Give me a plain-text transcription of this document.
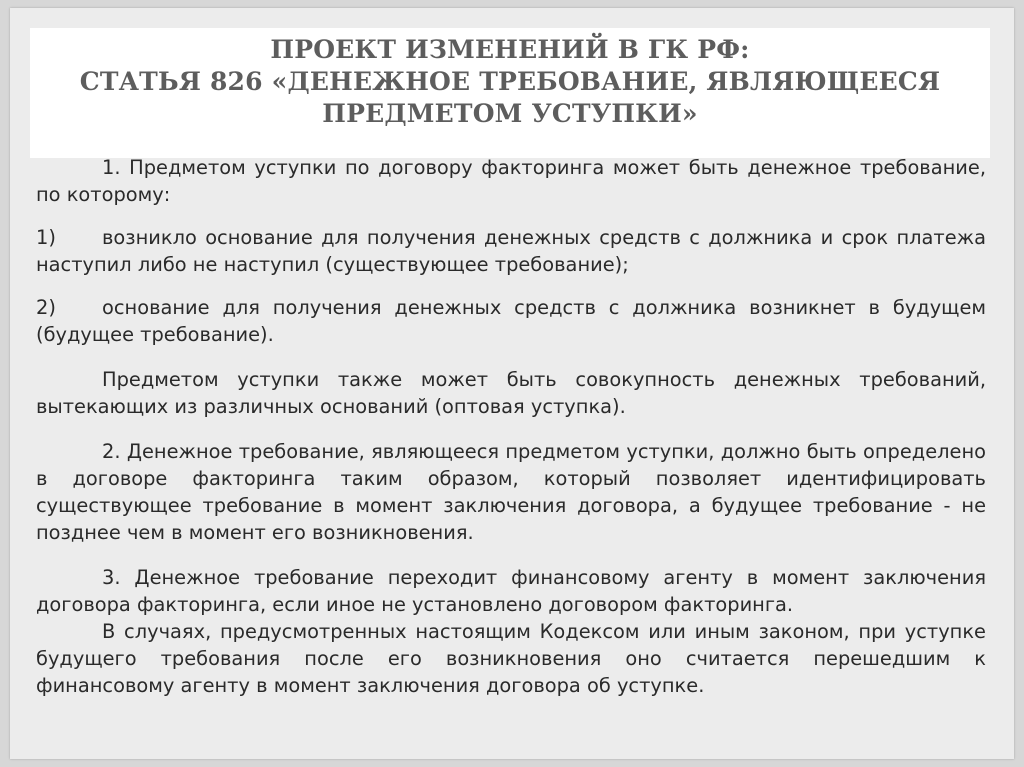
ПРОЕКТ ИЗМЕНЕНИЙ В ГК РФ:
СТАТЬЯ 826 «ДЕНЕЖНОЕ ТРЕБОВАНИЕ, ЯВЛЯЮЩЕЕСЯ
ПРЕДМЕТОМ УСТУПКИ»

1. Предметом уступки по договору факторинга может быть денежное требование, по которому:

1) возникло основание для получения денежных средств с должника и срок платежа наступил либо не наступил (существующее требование);

2) основание для получения денежных средств с должника возникнет в будущем (будущее требование).

Предметом уступки также может быть совокупность денежных требований, вытекающих из различных оснований (оптовая уступка).

2. Денежное требование, являющееся предметом уступки, должно быть определено в договоре факторинга таким образом, который позволяет идентифицировать существующее требование в момент заключения договора, а будущее требование - не позднее чем в момент его возникновения.

3. Денежное требование переходит финансовому агенту в момент заключения договора факторинга, если иное не установлено договором факторинга.

В случаях, предусмотренных настоящим Кодексом или иным законом, при уступке будущего требования после его возникновения оно считается перешедшим к финансовому агенту в момент заключения договора об уступке.
